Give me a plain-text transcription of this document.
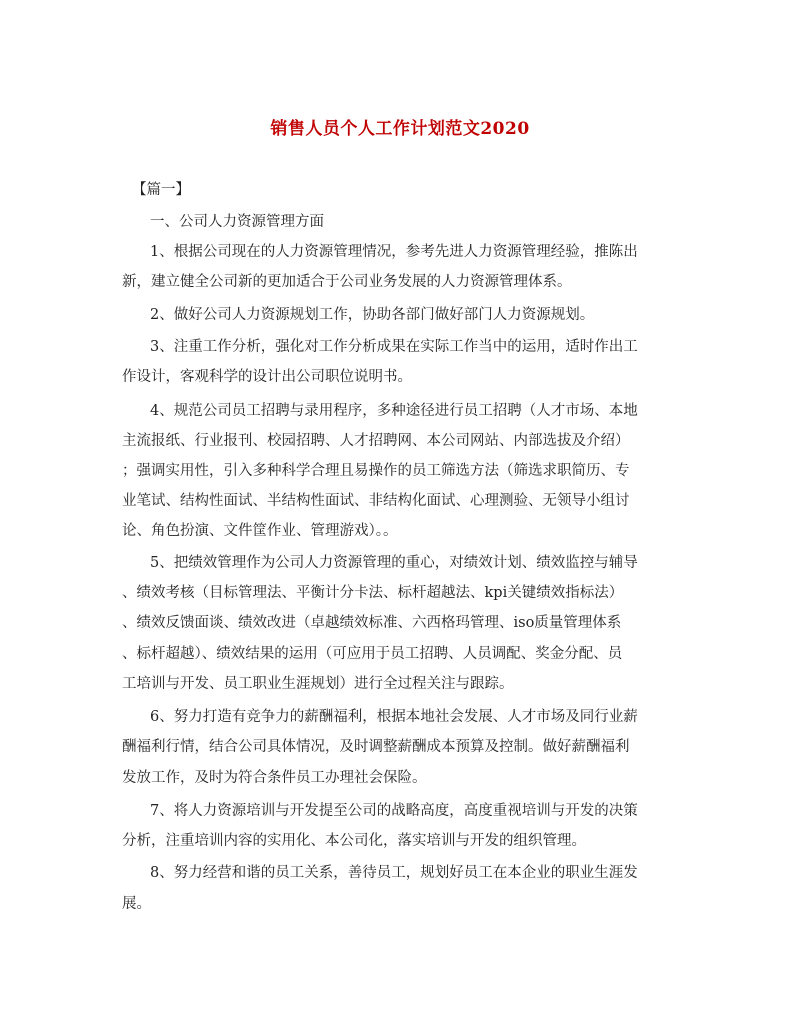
销售人员个人工作计划范文2020
【篇一】
一、公司人力资源管理方面
1、根据公司现在的人力资源管理情况，参考先进人力资源管理经验，推陈出
新，建立健全公司新的更加适合于公司业务发展的人力资源管理体系。
2、做好公司人力资源规划工作，协助各部门做好部门人力资源规划。
3、注重工作分析，强化对工作分析成果在实际工作当中的运用，适时作出工
作设计，客观科学的设计出公司职位说明书。
4、规范公司员工招聘与录用程序，多种途径进行员工招聘（人才市场、本地
主流报纸、行业报刊、校园招聘、人才招聘网、本公司网站、内部选拔及介绍）
；强调实用性，引入多种科学合理且易操作的员工筛选方法（筛选求职简历、专
业笔试、结构性面试、半结构性面试、非结构化面试、心理测验、无领导小组讨
论、角色扮演、文件筐作业、管理游戏）。。
5、把绩效管理作为公司人力资源管理的重心，对绩效计划、绩效监控与辅导
、绩效考核（目标管理法、平衡计分卡法、标杆超越法、kpi关键绩效指标法）
、绩效反馈面谈、绩效改进（卓越绩效标准、六西格玛管理、iso质量管理体系
、标杆超越）、绩效结果的运用（可应用于员工招聘、人员调配、奖金分配、员
工培训与开发、员工职业生涯规划）进行全过程关注与跟踪。
6、努力打造有竞争力的薪酬福利，根据本地社会发展、人才市场及同行业薪
酬福利行情，结合公司具体情况，及时调整薪酬成本预算及控制。做好薪酬福利
发放工作，及时为符合条件员工办理社会保险。
7、将人力资源培训与开发提至公司的战略高度，高度重视培训与开发的决策
分析，注重培训内容的实用化、本公司化，落实培训与开发的组织管理。
8、努力经营和谐的员工关系，善待员工，规划好员工在本企业的职业生涯发
展。
